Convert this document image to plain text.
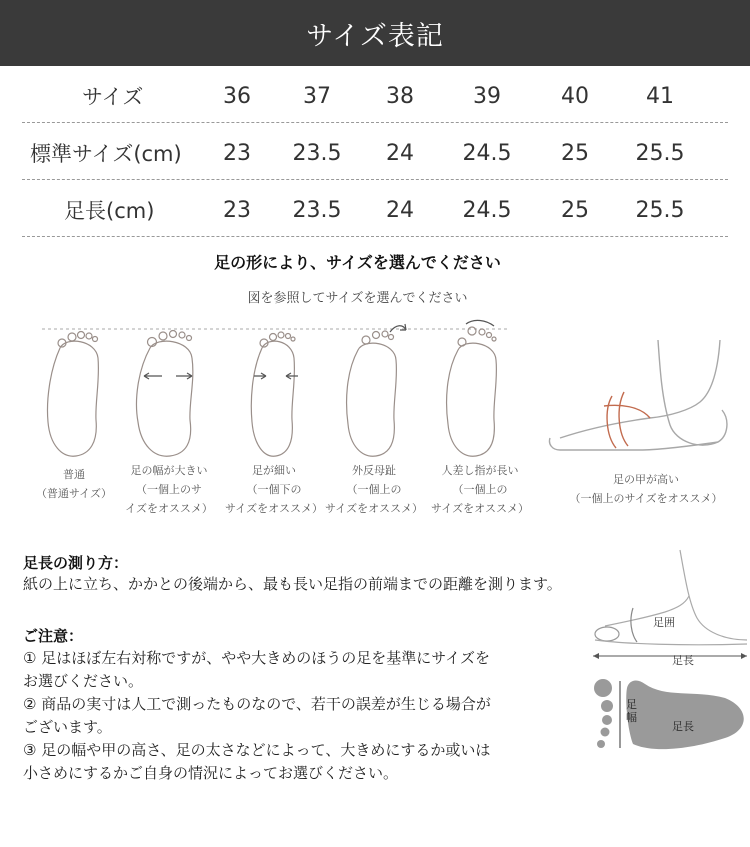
サイズ表記
サイズ	36	37	38	39	40	41
標準サイズ(cm)	23	23.5	24	24.5	25	25.5
足長(cm)	23	23.5	24	24.5	25	25.5
足の形により、サイズを選んでください
図を参照してサイズを選んでください
普通
（普通サイズ）
足の幅が大きい
（一個上のサ
イズをオススメ）
足が細い
（一個下の
サイズをオススメ）
外反母趾
（一個上の
サイズをオススメ）
人差し指が長い
（一個上の
サイズをオススメ）
足の甲が高い
（一個上のサイズをオススメ）
足長の測り方：
紙の上に立ち、かかとの後端から、最も長い足指の前端までの距離を測ります。
ご注意：
① 足はほぼ左右対称ですが、やや大きめのほうの足を基準にサイズを
お選びください。
② 商品の実寸は人工で測ったものなので、若干の誤差が生じる場合が
ございます。
③ 足の幅や甲の高さ、足の太さなどによって、大きめにするか或いは
小さめにするかご自身の情況によってお選びください。
足囲
足長
足幅
足長
